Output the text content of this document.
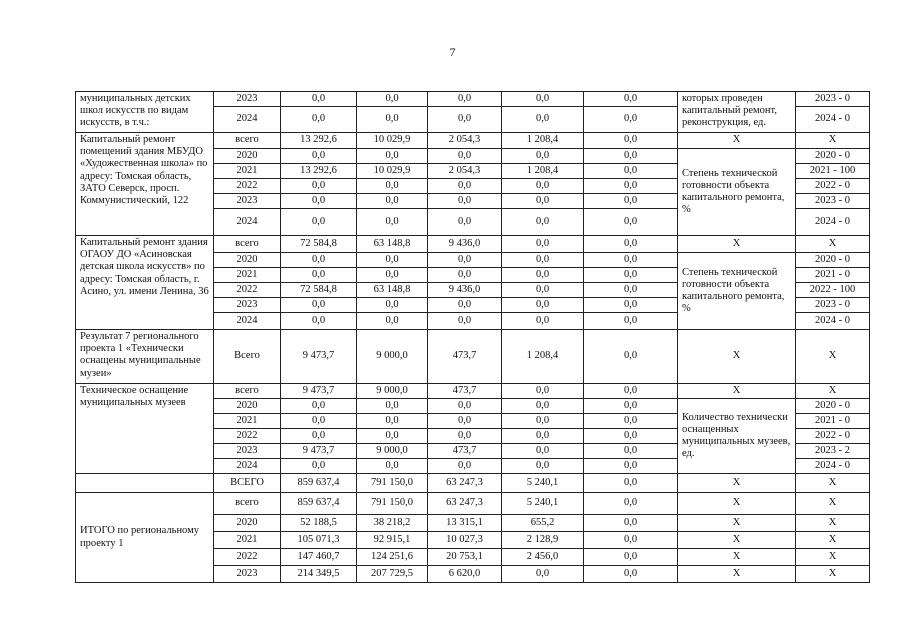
7
муниципальных детских школ искусств по видам искусств, в т.ч.:	2023	0,0	0,0	0,0	0,0	0,0	которых проведен капитальный ремонт, реконструкция, ед.	2023 - 0
	2024	0,0	0,0	0,0	0,0	0,0		2024 - 0
Капитальный ремонт помещений здания МБУДО «Художественная школа» по адресу: Томская область, ЗАТО Северск, просп. Коммунистический, 122	всего	13 292,6	10 029,9	2 054,3	1 208,4	0,0	X	X
	2020	0,0	0,0	0,0	0,0	0,0	Степень технической готовности объекта капитального ремонта, %	2020 - 0
	2021	13 292,6	10 029,9	2 054,3	1 208,4	0,0		2021 - 100
	2022	0,0	0,0	0,0	0,0	0,0		2022 - 0
	2023	0,0	0,0	0,0	0,0	0,0		2023 - 0
	2024	0,0	0,0	0,0	0,0	0,0		2024 - 0
Капитальный ремонт здания ОГАОУ ДО «Асиновская детская школа искусств» по адресу: Томская область, г. Асино, ул. имени Ленина, 36	всего	72 584,8	63 148,8	9 436,0	0,0	0,0	X	X
	2020	0,0	0,0	0,0	0,0	0,0	Степень технической готовности объекта капитального ремонта, %	2020 - 0
	2021	0,0	0,0	0,0	0,0	0,0		2021 - 0
	2022	72 584,8	63 148,8	9 436,0	0,0	0,0		2022 - 100
	2023	0,0	0,0	0,0	0,0	0,0		2023 - 0
	2024	0,0	0,0	0,0	0,0	0,0		2024 - 0
Результат 7 регионального проекта 1 «Технически оснащены муниципальные музеи»	Всего	9 473,7	9 000,0	473,7	1 208,4	0,0	X	X
Техническое оснащение муниципальных музеев	всего	9 473,7	9 000,0	473,7	0,0	0,0	X	X
	2020	0,0	0,0	0,0	0,0	0,0	Количество технически оснащенных муниципальных музеев, ед.	2020 - 0
	2021	0,0	0,0	0,0	0,0	0,0		2021 - 0
	2022	0,0	0,0	0,0	0,0	0,0		2022 - 0
	2023	9 473,7	9 000,0	473,7	0,0	0,0		2023 - 2
	2024	0,0	0,0	0,0	0,0	0,0		2024 - 0
	ВСЕГО	859 637,4	791 150,0	63 247,3	5 240,1	0,0	X	X
ИТОГО по региональному проекту 1	всего	859 637,4	791 150,0	63 247,3	5 240,1	0,0	X	X
	2020	52 188,5	38 218,2	13 315,1	655,2	0,0	X	X
	2021	105 071,3	92 915,1	10 027,3	2 128,9	0,0	X	X
	2022	147 460,7	124 251,6	20 753,1	2 456,0	0,0	X	X
	2023	214 349,5	207 729,5	6 620,0	0,0	0,0	X	X
